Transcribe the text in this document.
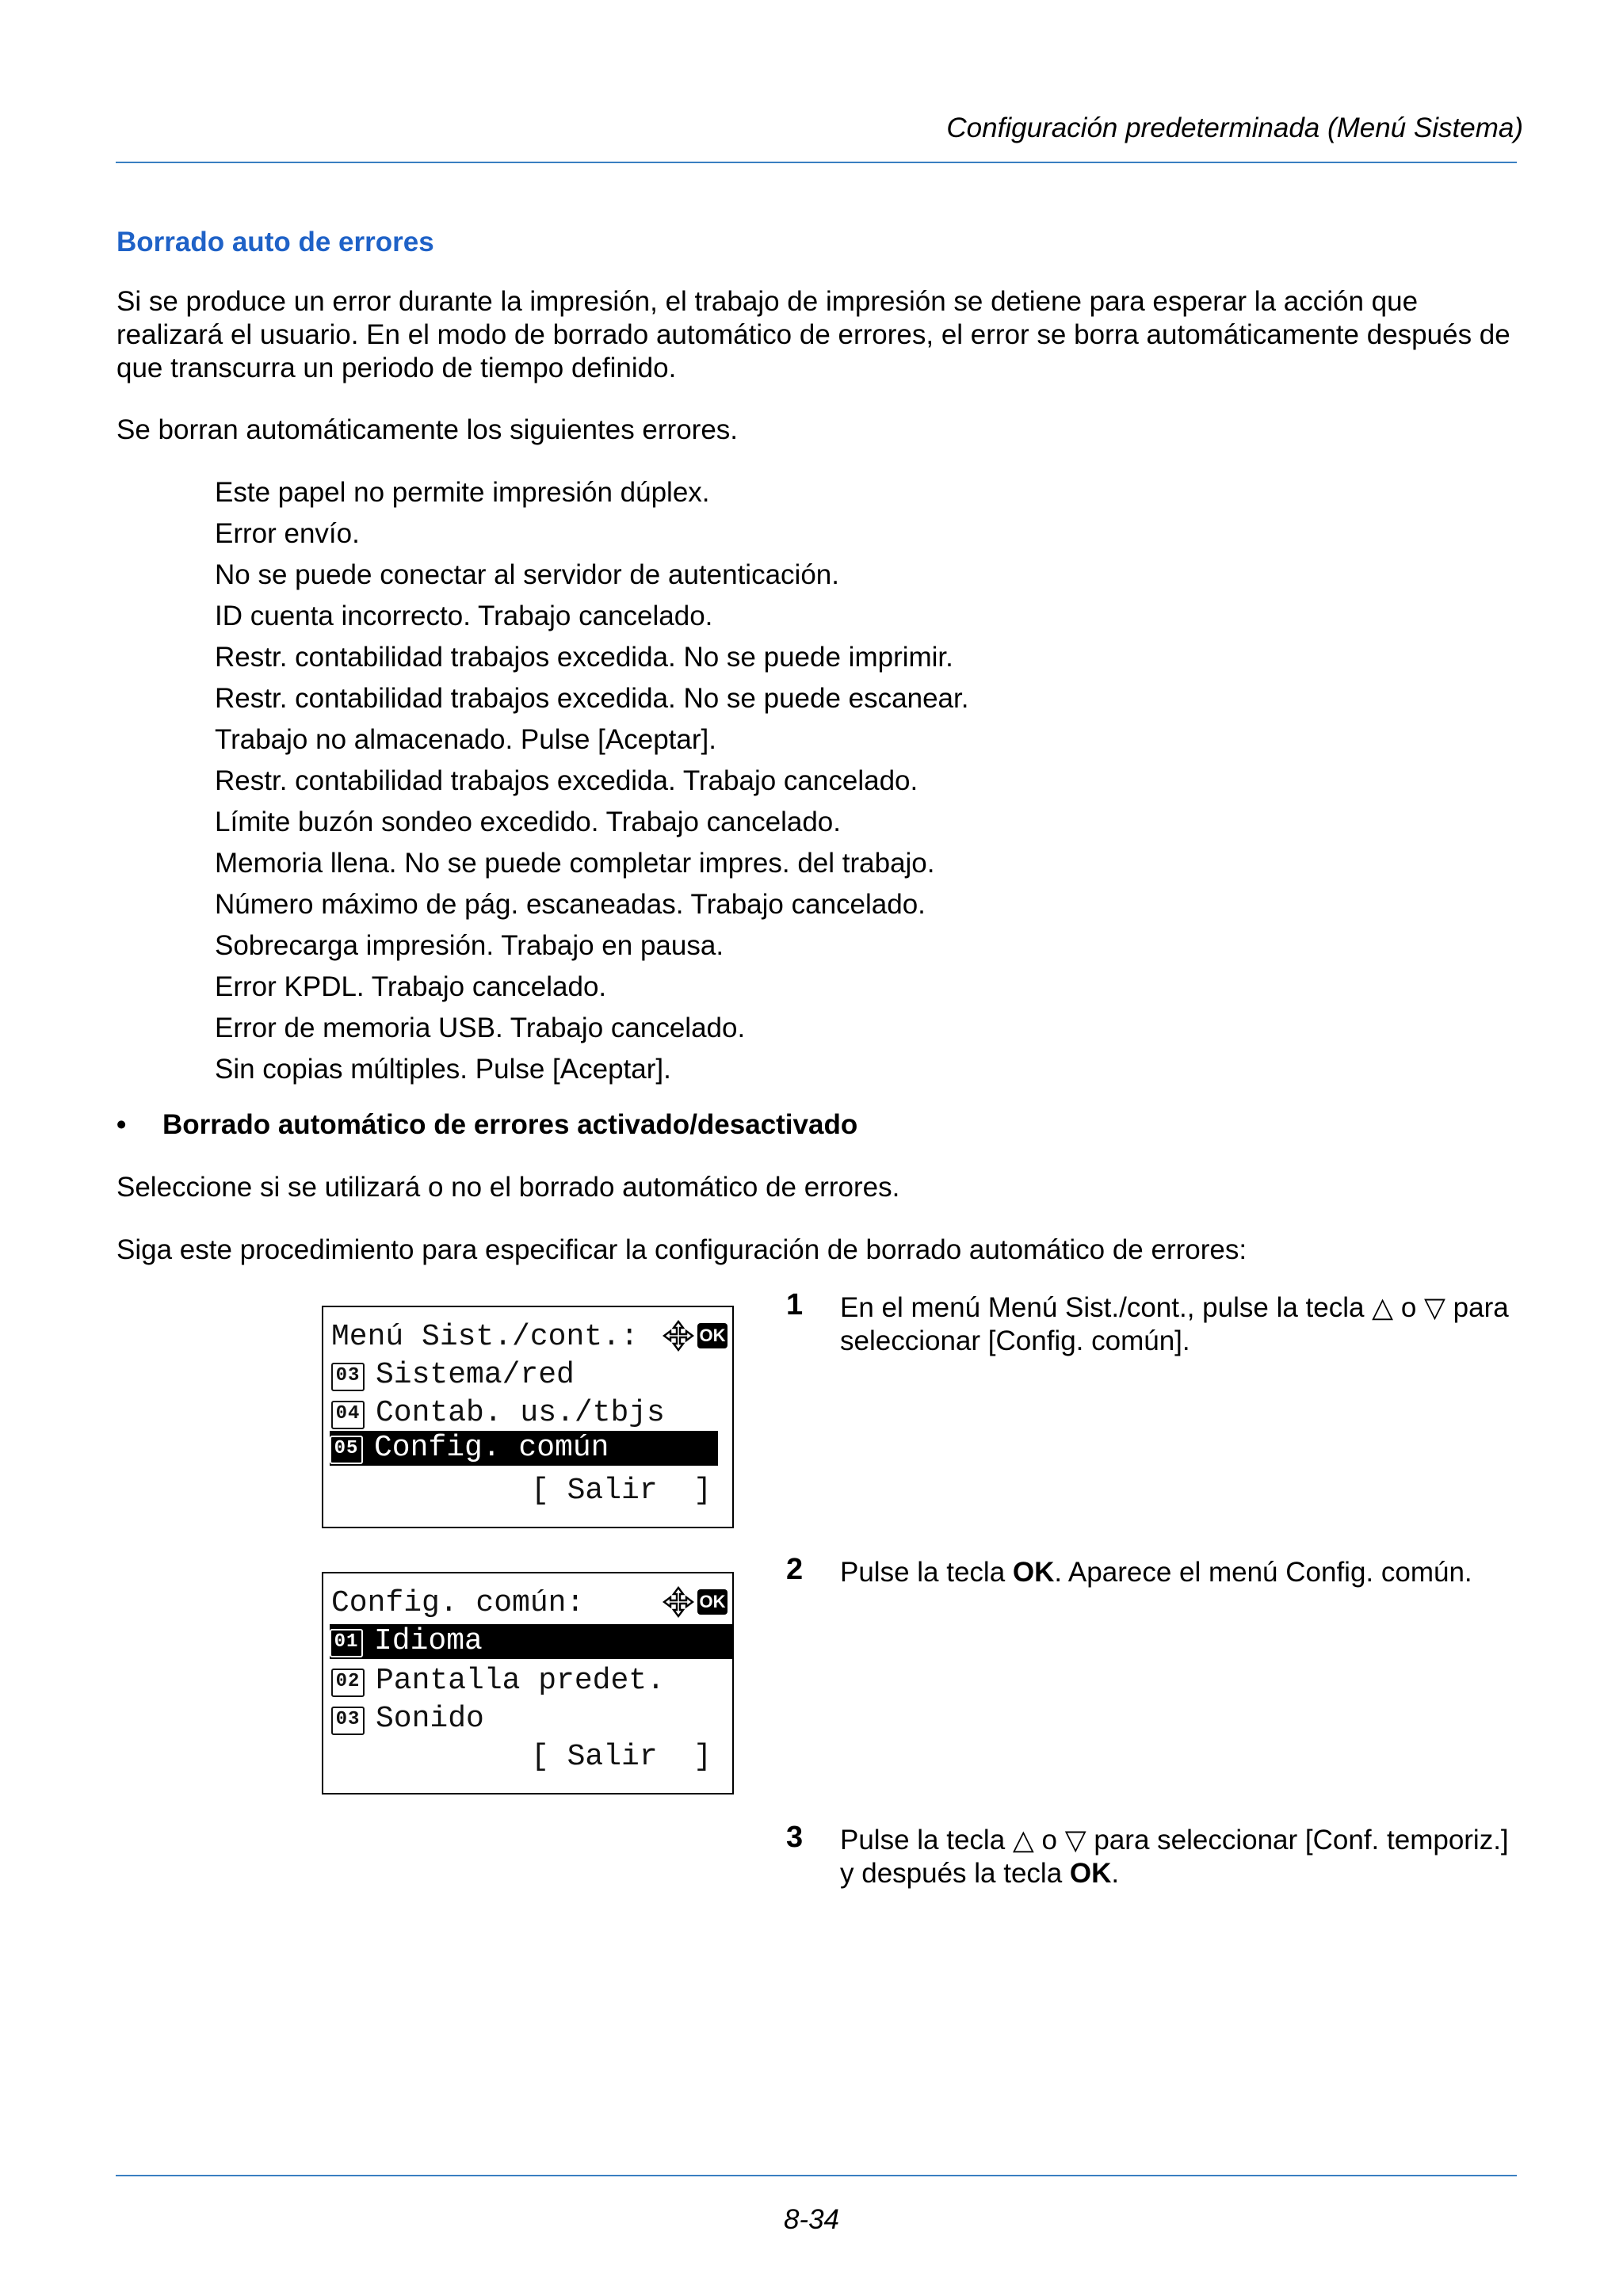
Configuración predeterminada (Menú Sistema)
Borrado auto de errores
Si se produce un error durante la impresión, el trabajo de impresión se detiene para esperar la acción que realizará el usuario. En el modo de borrado automático de errores, el error se borra automáticamente después de que transcurra un periodo de tiempo definido.
Se borran automáticamente los siguientes errores.
Este papel no permite impresión dúplex.
Error envío.
No se puede conectar al servidor de autenticación.
ID cuenta incorrecto. Trabajo cancelado.
Restr. contabilidad trabajos excedida. No se puede imprimir.
Restr. contabilidad trabajos excedida. No se puede escanear.
Trabajo no almacenado. Pulse [Aceptar].
Restr. contabilidad trabajos excedida. Trabajo cancelado.
Límite buzón sondeo excedido. Trabajo cancelado.
Memoria llena. No se puede completar impres. del trabajo.
Número máximo de pág. escaneadas. Trabajo cancelado.
Sobrecarga impresión. Trabajo en pausa.
Error KPDL. Trabajo cancelado.
Error de memoria USB. Trabajo cancelado.
Sin copias múltiples. Pulse [Aceptar].
• Borrado automático de errores activado/desactivado
Seleccione si se utilizará o no el borrado automático de errores.
Siga este procedimiento para especificar la configuración de borrado automático de errores:
Menú Sist./cont.:	OK
03 Sistema/red
04 Contab. us./tbjs
05 Config. común
[ Salir  ]
Config. común:	OK
01 Idioma
02 Pantalla predet.
03 Sonido
[ Salir  ]
1 En el menú Menú Sist./cont., pulse la tecla △ o ▽ para seleccionar [Config. común].
2 Pulse la tecla OK. Aparece el menú Config. común.
3 Pulse la tecla △ o ▽ para seleccionar [Conf. temporiz.] y después la tecla OK.
8-34
